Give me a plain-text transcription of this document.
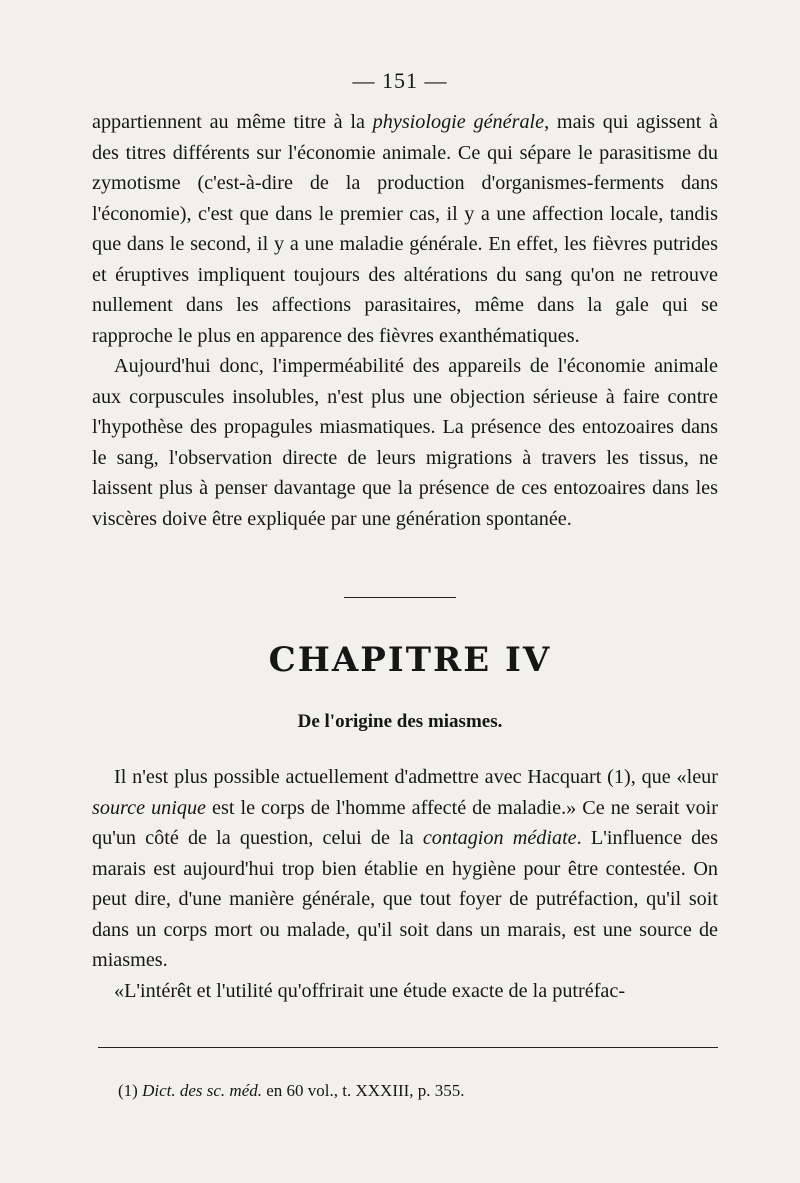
— 151 —

appartiennent au même titre à la physiologie générale, mais qui agissent à des titres différents sur l'économie animale. Ce qui sépare le parasitisme du zymotisme (c'est-à-dire de la production d'organismes-ferments dans l'économie), c'est que dans le premier cas, il y a une affection locale, tandis que dans le second, il y a une maladie générale. En effet, les fièvres putrides et éruptives impliquent toujours des altérations du sang qu'on ne retrouve nullement dans les affections parasitaires, même dans la gale qui se rapproche le plus en apparence des fièvres exanthématiques.

Aujourd'hui donc, l'imperméabilité des appareils de l'économie animale aux corpuscules insolubles, n'est plus une objection sérieuse à faire contre l'hypothèse des propagules miasmatiques. La présence des entozoaires dans le sang, l'observation directe de leurs migrations à travers les tissus, ne laissent plus à penser davantage que la présence de ces entozoaires dans les viscères doive être expliquée par une génération spontanée.

CHAPITRE IV
De l'origine des miasmes.

Il n'est plus possible actuellement d'admettre avec Hacquart (1), que «leur source unique est le corps de l'homme affecté de maladie.» Ce ne serait voir qu'un côté de la question, celui de la contagion médiate. L'influence des marais est aujourd'hui trop bien établie en hygiène pour être contestée. On peut dire, d'une manière générale, que tout foyer de putréfaction, qu'il soit dans un corps mort ou malade, qu'il soit dans un marais, est une source de miasmes.

«L'intérêt et l'utilité qu'offrirait une étude exacte de la putréfac-

(1) Dict. des sc. méd. en 60 vol., t. XXXIII, p. 355.
